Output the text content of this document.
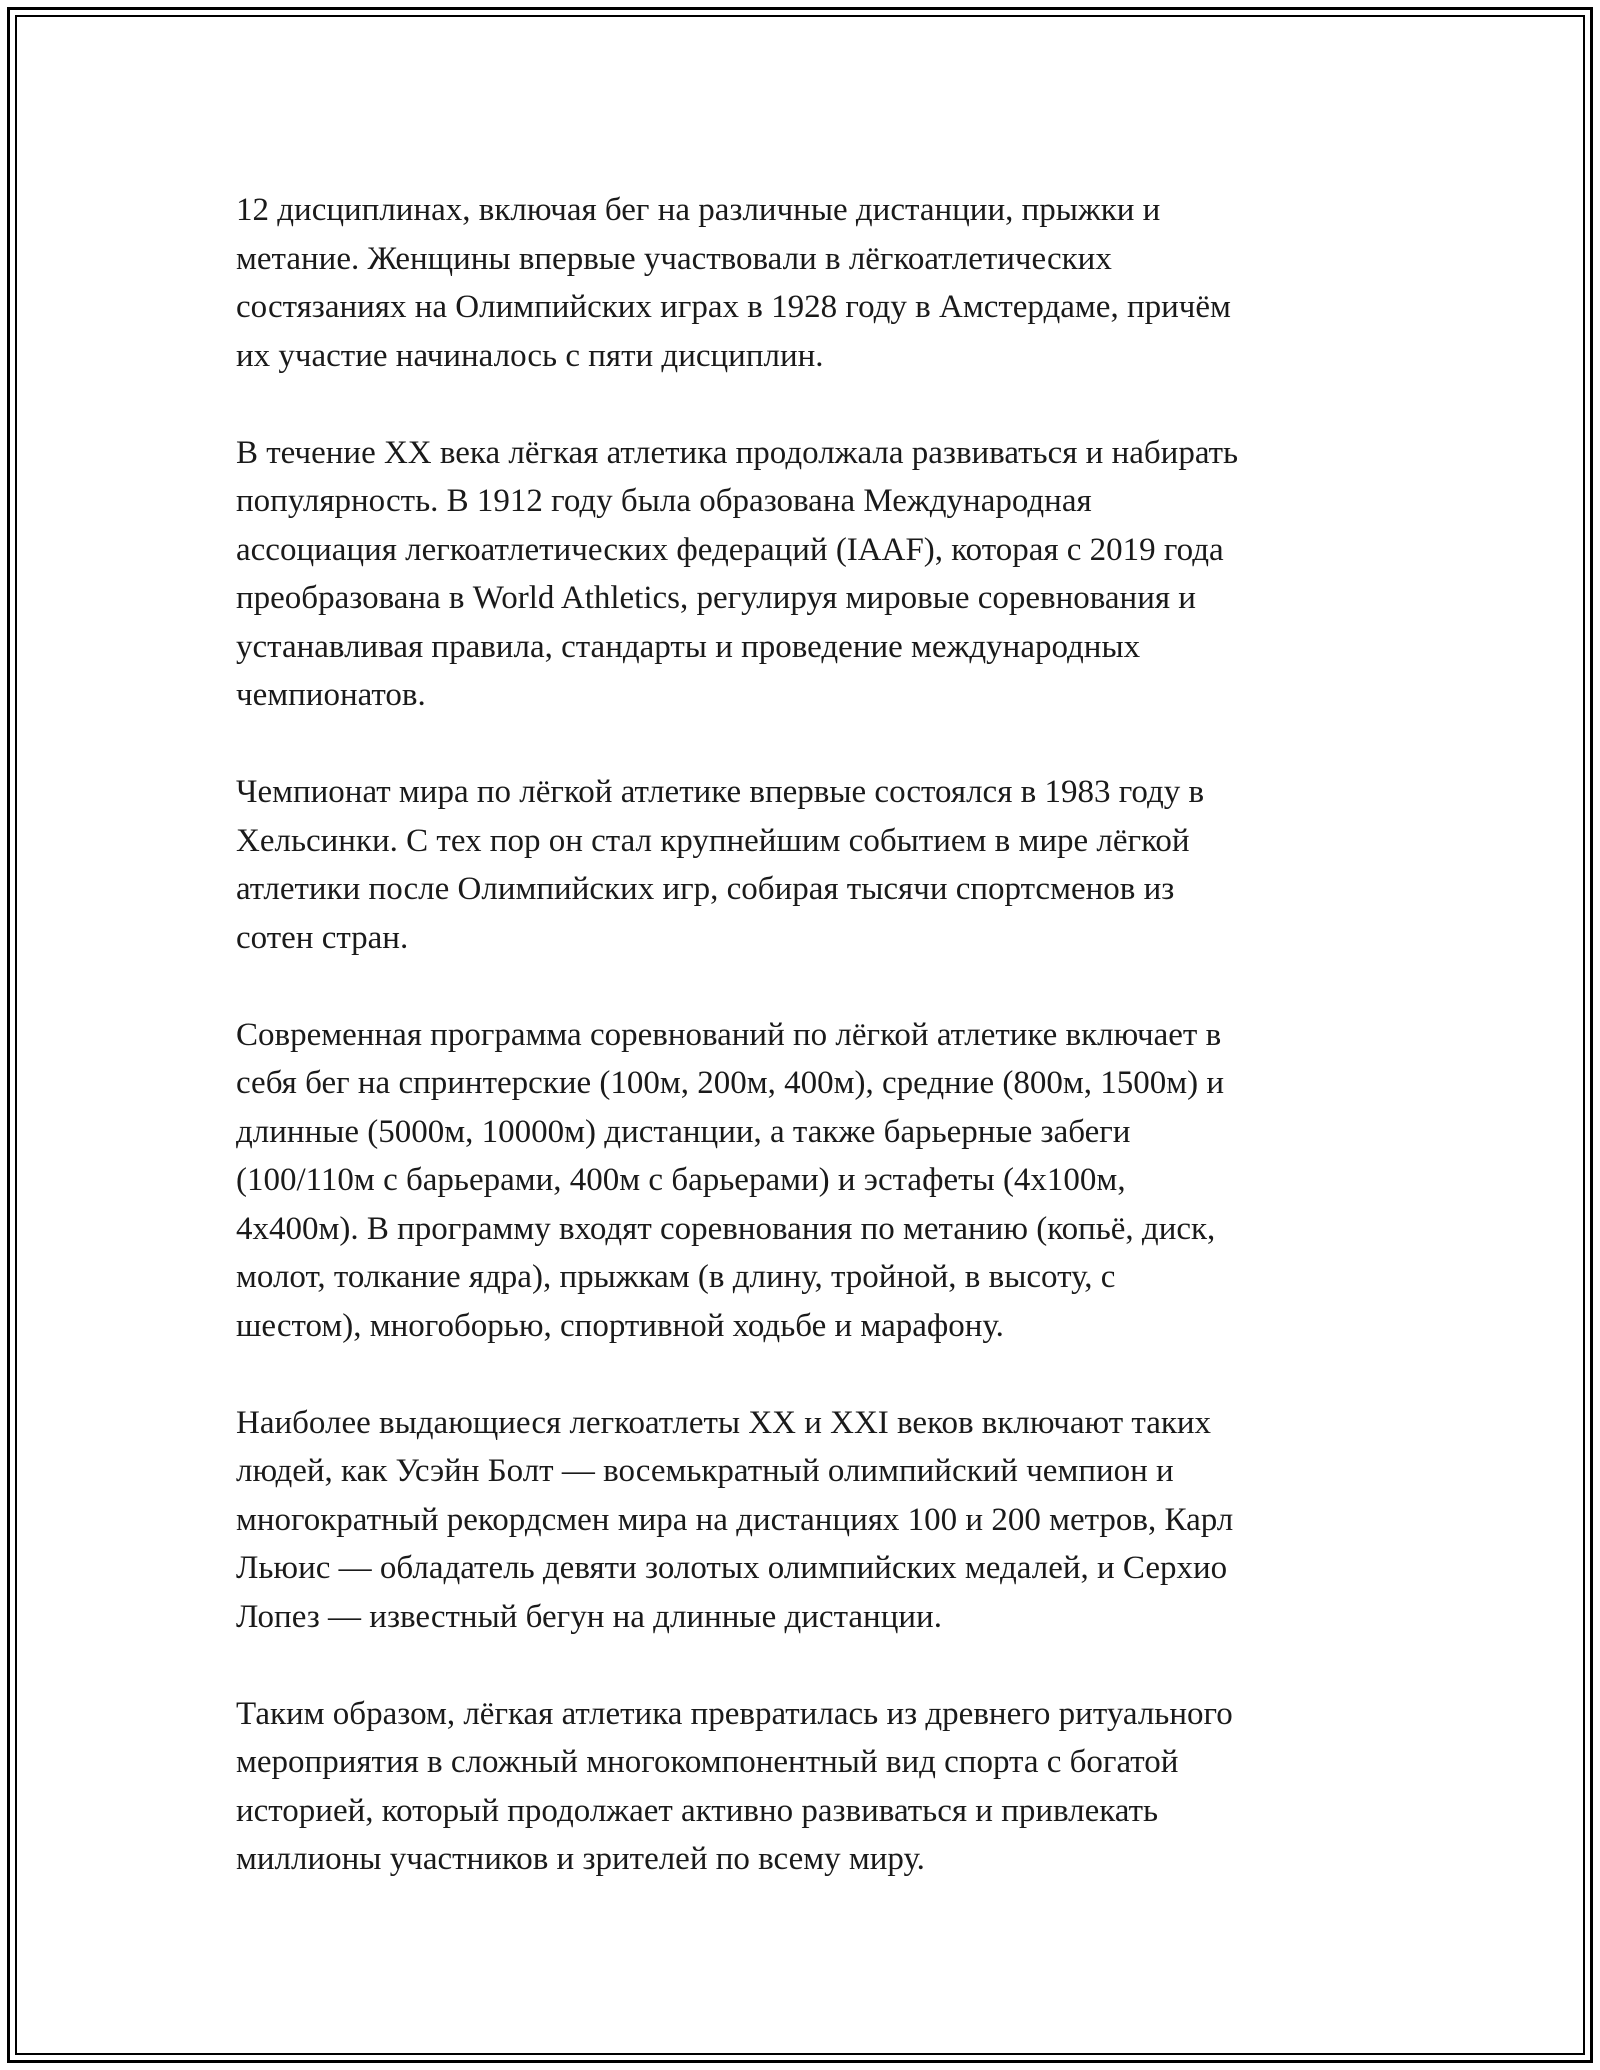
12 дисциплинах, включая бег на различные дистанции, прыжки и
метание. Женщины впервые участвовали в лёгкоатлетических
состязаниях на Олимпийских играх в 1928 году в Амстердаме, причём
их участие начиналось с пяти дисциплин.

В течение XX века лёгкая атлетика продолжала развиваться и набирать
популярность. В 1912 году была образована Международная
ассоциация легкоатлетических федераций (IAAF), которая с 2019 года
преобразована в World Athletics, регулируя мировые соревнования и
устанавливая правила, стандарты и проведение международных
чемпионатов.

Чемпионат мира по лёгкой атлетике впервые состоялся в 1983 году в
Хельсинки. С тех пор он стал крупнейшим событием в мире лёгкой
атлетики после Олимпийских игр, собирая тысячи спортсменов из
сотен стран.

Современная программа соревнований по лёгкой атлетике включает в
себя бег на спринтерские (100м, 200м, 400м), средние (800м, 1500м) и
длинные (5000м, 10000м) дистанции, а также барьерные забеги
(100/110м с барьерами, 400м с барьерами) и эстафеты (4х100м,
4х400м). В программу входят соревнования по метанию (копьё, диск,
молот, толкание ядра), прыжкам (в длину, тройной, в высоту, с
шестом), многоборью, спортивной ходьбе и марафону.

Наиболее выдающиеся легкоатлеты XX и XXI веков включают таких
людей, как Усэйн Болт — восемькратный олимпийский чемпион и
многократный рекордсмен мира на дистанциях 100 и 200 метров, Карл
Льюис — обладатель девяти золотых олимпийских медалей, и Серхио
Лопез — известный бегун на длинные дистанции.

Таким образом, лёгкая атлетика превратилась из древнего ритуального
мероприятия в сложный многокомпонентный вид спорта с богатой
историей, который продолжает активно развиваться и привлекать
миллионы участников и зрителей по всему миру.
